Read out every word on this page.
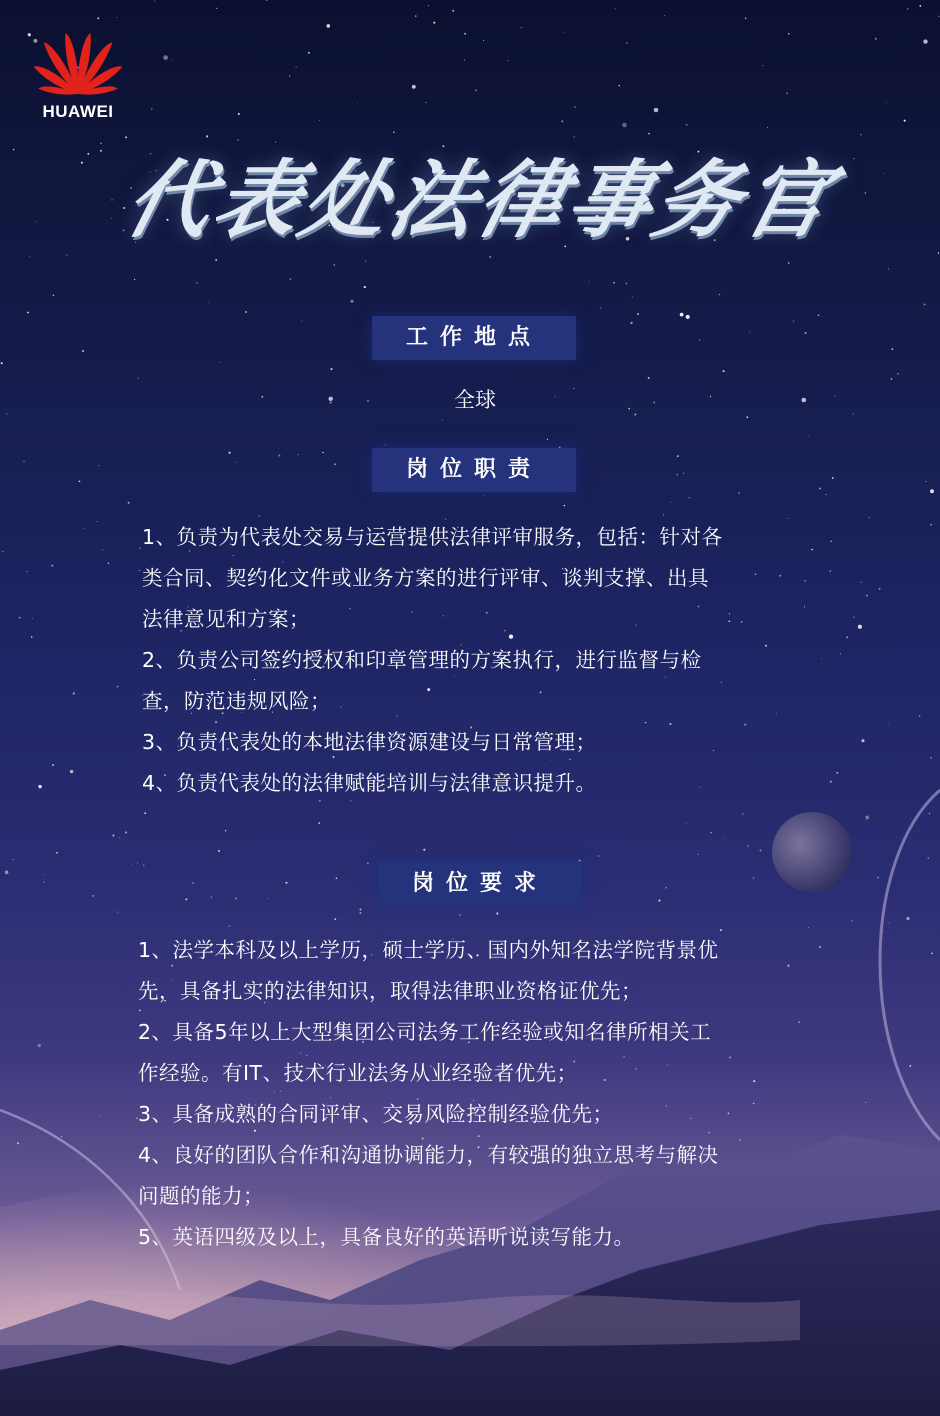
HUAWEI
代表处法律事务官
工作地点
全球
岗位职责
1、负责为代表处交易与运营提供法律评审服务，包括：针对各
类合同、契约化文件或业务方案的进行评审、谈判支撑、出具
法律意见和方案；
2、负责公司签约授权和印章管理的方案执行，进行监督与检
查，防范违规风险；
3、负责代表处的本地法律资源建设与日常管理；
4、负责代表处的法律赋能培训与法律意识提升。
岗位要求
1、法学本科及以上学历，硕士学历、国内外知名法学院背景优
先，具备扎实的法律知识，取得法律职业资格证优先；
2、具备5年以上大型集团公司法务工作经验或知名律所相关工
作经验。有IT、技术行业法务从业经验者优先；
3、具备成熟的合同评审、交易风险控制经验优先；
4、良好的团队合作和沟通协调能力，有较强的独立思考与解决
问题的能力；
5、英语四级及以上，具备良好的英语听说读写能力。
